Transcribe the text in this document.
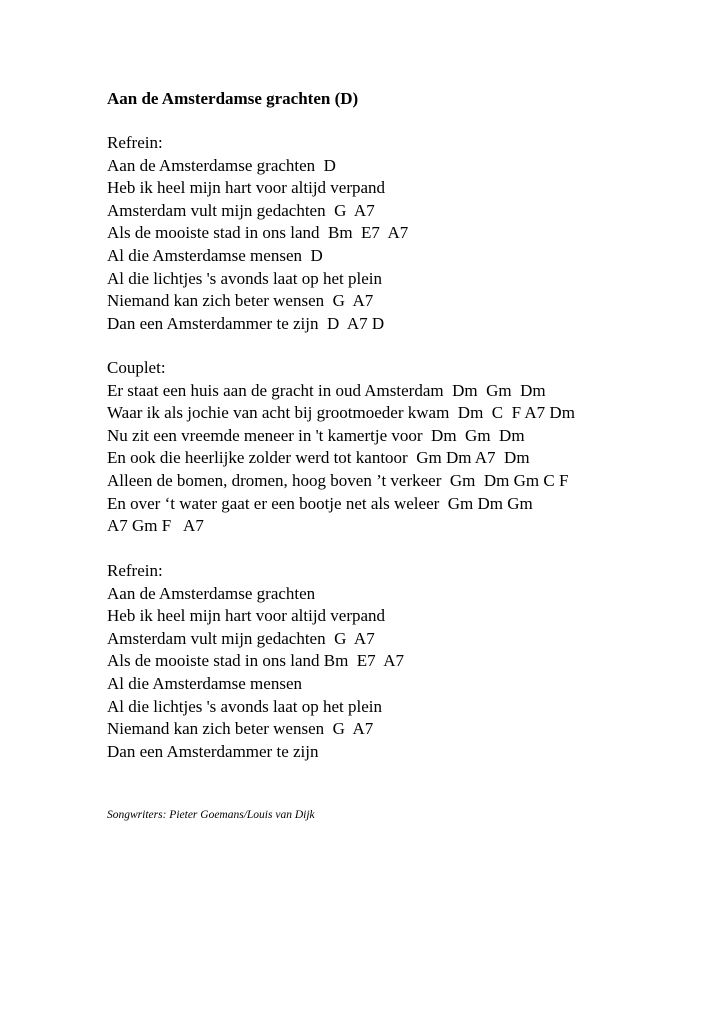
Aan de Amsterdamse grachten (D)
Refrein:
Aan de Amsterdamse grachten  D
Heb ik heel mijn hart voor altijd verpand
Amsterdam vult mijn gedachten  G  A7
Als de mooiste stad in ons land  Bm  E7  A7
Al die Amsterdamse mensen  D
Al die lichtjes 's avonds laat op het plein
Niemand kan zich beter wensen  G  A7
Dan een Amsterdammer te zijn  D  A7 D
Couplet:
Er staat een huis aan de gracht in oud Amsterdam  Dm  Gm  Dm
Waar ik als jochie van acht bij grootmoeder kwam  Dm  C  F A7 Dm
Nu zit een vreemde meneer in 't kamertje voor  Dm  Gm  Dm
En ook die heerlijke zolder werd tot kantoor  Gm Dm A7  Dm
Alleen de bomen, dromen, hoog boven ’t verkeer  Gm  Dm Gm C F
En over ‘t water gaat er een bootje net als weleer  Gm Dm Gm
A7 Gm F   A7
Refrein:
Aan de Amsterdamse grachten
Heb ik heel mijn hart voor altijd verpand
Amsterdam vult mijn gedachten  G  A7
Als de mooiste stad in ons land Bm  E7  A7
Al die Amsterdamse mensen
Al die lichtjes 's avonds laat op het plein
Niemand kan zich beter wensen  G  A7
Dan een Amsterdammer te zijn
Songwriters: Pieter Goemans/Louis van Dijk
